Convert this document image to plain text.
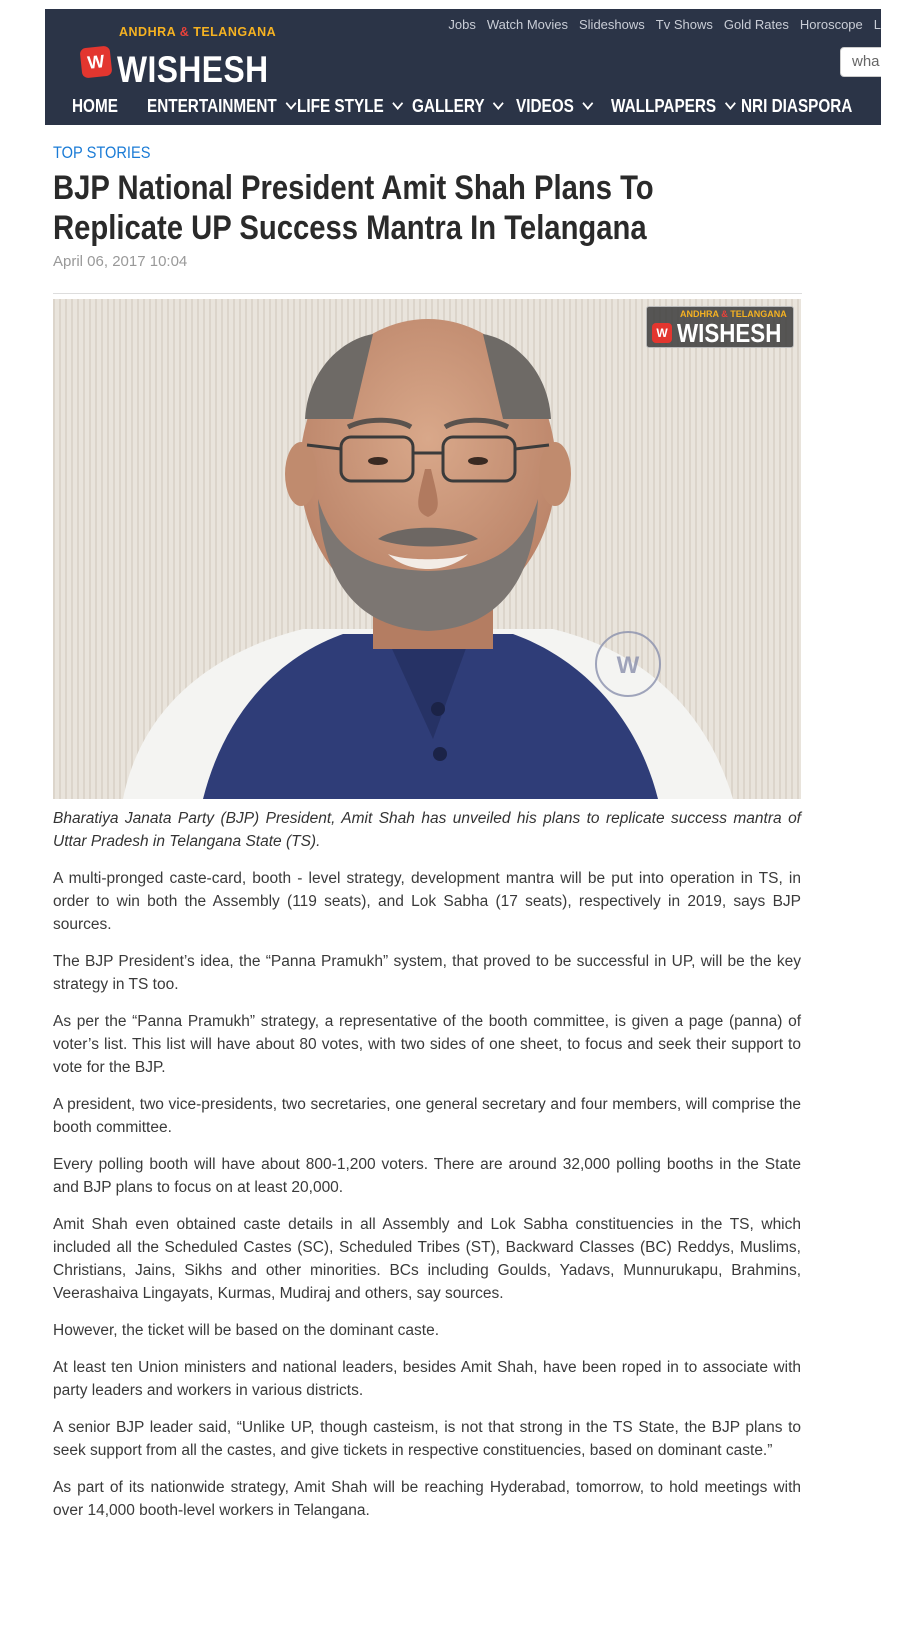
ANDHRA & TELANGANA
W WISHESH
Jobs Watch Movies Slideshows Tv Shows Gold Rates Horoscope L
wha
HOME ENTERTAINMENT LIFE STYLE GALLERY VIDEOS WALLPAPERS NRI DIASPORA
TOP STORIES
BJP National President Amit Shah Plans To Replicate UP Success Mantra In Telangana
April 06, 2017 10:04
W
ANDHRA & TELANGANA
W WISHESH

Bharatiya Janata Party (BJP) President, Amit Shah has unveiled his plans to replicate success mantra of Uttar Pradesh in Telangana State (TS).

A multi-pronged caste-card, booth - level strategy, development mantra will be put into operation in TS, in order to win both the Assembly (119 seats), and Lok Sabha (17 seats), respectively in 2019, says BJP sources.

The BJP President’s idea, the “Panna Pramukh” system, that proved to be successful in UP, will be the key strategy in TS too.

As per the “Panna Pramukh” strategy, a representative of the booth committee, is given a page (panna) of voter’s list. This list will have about 80 votes, with two sides of one sheet, to focus and seek their support to vote for the BJP.

A president, two vice-presidents, two secretaries, one general secretary and four members, will comprise the booth committee.

Every polling booth will have about 800-1,200 voters. There are around 32,000 polling booths in the State and BJP plans to focus on at least 20,000.

Amit Shah even obtained caste details in all Assembly and Lok Sabha constituencies in the TS, which included all the Scheduled Castes (SC), Scheduled Tribes (ST), Backward Classes (BC) Reddys, Muslims, Christians, Jains, Sikhs and other minorities. BCs including Goulds, Yadavs, Munnurukapu, Brahmins, Veerashaiva Lingayats, Kurmas, Mudiraj and others, say sources.

However, the ticket will be based on the dominant caste.

At least ten Union ministers and national leaders, besides Amit Shah, have been roped in to associate with party leaders and workers in various districts.

A senior BJP leader said, “Unlike UP, though casteism, is not that strong in the TS State, the BJP plans to seek support from all the castes, and give tickets in respective constituencies, based on dominant caste.”

As part of its nationwide strategy, Amit Shah will be reaching Hyderabad, tomorrow, to hold meetings with over 14,000 booth-level workers in Telangana.
